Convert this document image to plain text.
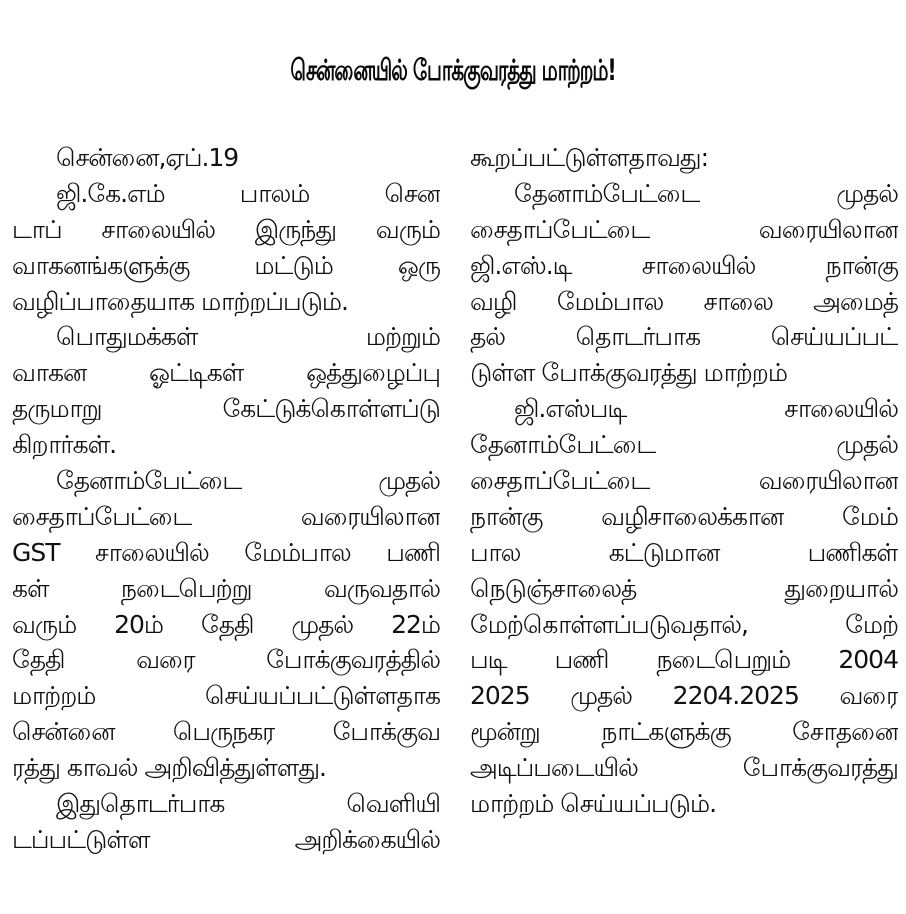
சென்னையில் போக்குவரத்து மாற்றம்!
சென்னை,ஏப்.19
ஜி.கே.எம் பாலம் சென
டாப் சாலையில் இருந்து வரும்
வாகனங்களுக்கு மட்டும் ஒரு
வழிப்பாதையாக மாற்றப்படும்.
பொதுமக்கள் மற்றும்
வாகன ஓட்டிகள் ஒத்துழைப்பு
தருமாறு கேட்டுக்கொள்ளப்டு
கிறார்கள்.
தேனாம்பேட்டை முதல்
சைதாப்பேட்டை வரையிலான
GST சாலையில் மேம்பால பணி
கள் நடைபெற்று வருவதால்
வரும் 20ம் தேதி முதல் 22ம்
தேதி வரை போக்குவரத்தில்
மாற்றம் செய்யப்பட்டுள்ளதாக
சென்னை பெருநகர போக்குவ
ரத்து காவல் அறிவித்துள்ளது.
இதுதொடர்பாக வெளியி
டப்பட்டுள்ள அறிக்கையில்
கூறப்பட்டுள்ளதாவது:
தேனாம்பேட்டை முதல்
சைதாப்பேட்டை வரையிலான
ஜி.எஸ்.டி சாலையில் நான்கு
வழி மேம்பால சாலை அமைத்
தல் தொடர்பாக செய்யப்பட்
டுள்ள போக்குவரத்து மாற்றம்
ஜி.எஸ்படி சாலையில்
தேனாம்பேட்டை முதல்
சைதாப்பேட்டை வரையிலான
நான்கு வழிசாலைக்கான மேம்
பால கட்டுமான பணிகள்
நெடுஞ்சாலைத் துறையால்
மேற்கொள்ளப்படுவதால், மேற்
படி பணி நடைபெறும் 2004
2025 முதல் 2204.2025 வரை
மூன்று நாட்களுக்கு சோதனை
அடிப்படையில் போக்குவரத்து
மாற்றம் செய்யப்படும்.
